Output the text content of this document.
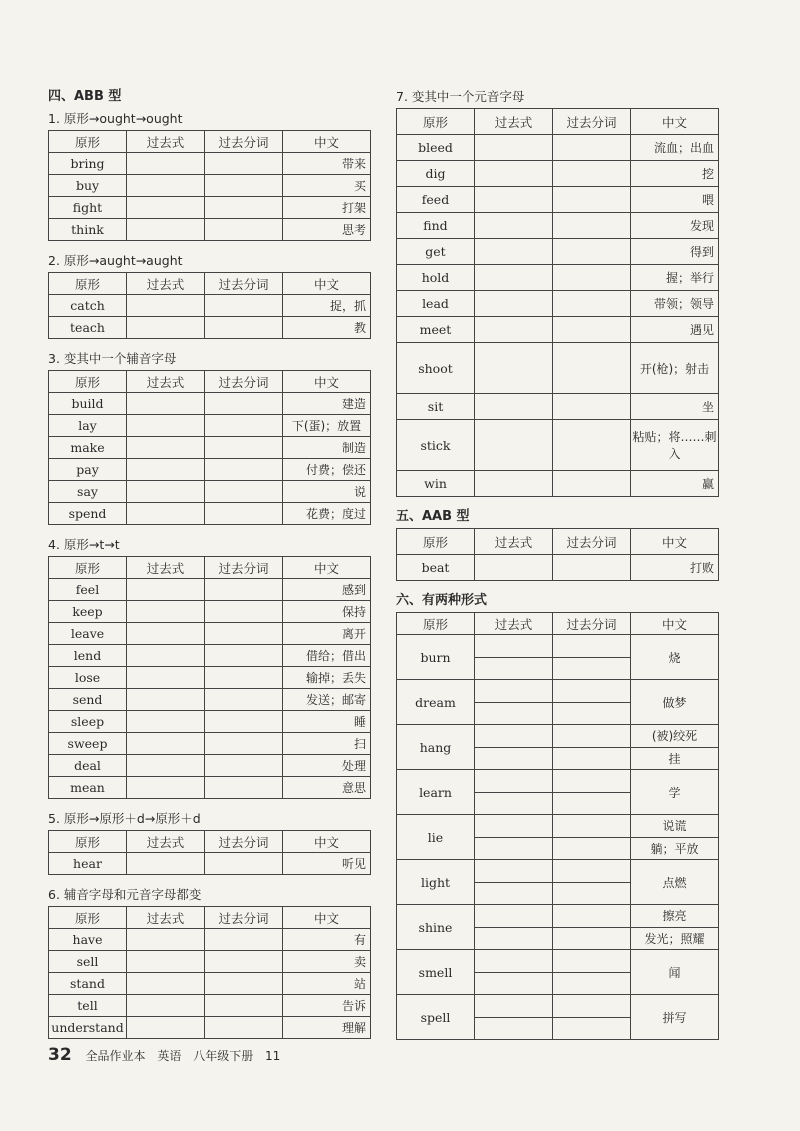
四、ABB 型
1. 原形→ought→ought
原形	过去式	过去分词	中文
bring			带来
buy			买
fight			打架
think			思考
2. 原形→aught→aught
原形	过去式	过去分词	中文
catch			捉，抓
teach			教
3. 变其中一个辅音字母
原形	过去式	过去分词	中文
build			建造
lay			下(蛋)；放置
make			制造
pay			付费；偿还
say			说
spend			花费；度过
4. 原形→t→t
原形	过去式	过去分词	中文
feel			感到
keep			保持
leave			离开
lend			借给；借出
lose			输掉；丢失
send			发送；邮寄
sleep			睡
sweep			扫
deal			处理
mean			意思
5. 原形→原形＋d→原形＋d
原形	过去式	过去分词	中文
hear			听见
6. 辅音字母和元音字母都变
原形	过去式	过去分词	中文
have			有
sell			卖
stand			站
tell			告诉
understand			理解
7. 变其中一个元音字母
原形	过去式	过去分词	中文
bleed			流血；出血
dig			挖
feed			喂
find			发现
get			得到
hold			握；举行
lead			带领；领导
meet			遇见
shoot			开(枪)；射击
sit			坐
stick			粘贴；将……刺入
win			赢
五、AAB 型
原形	过去式	过去分词	中文
beat			打败
六、有两种形式
原形	过去式	过去分词	中文
burn			烧
dream			做梦
hang			(被)绞死
挂

learn			学
lie			说谎
躺；平放

light			点燃
shine			擦亮
发光；照耀

smell			闻
spell			拼写
32 全品作业本 英语 八年级下册 11
